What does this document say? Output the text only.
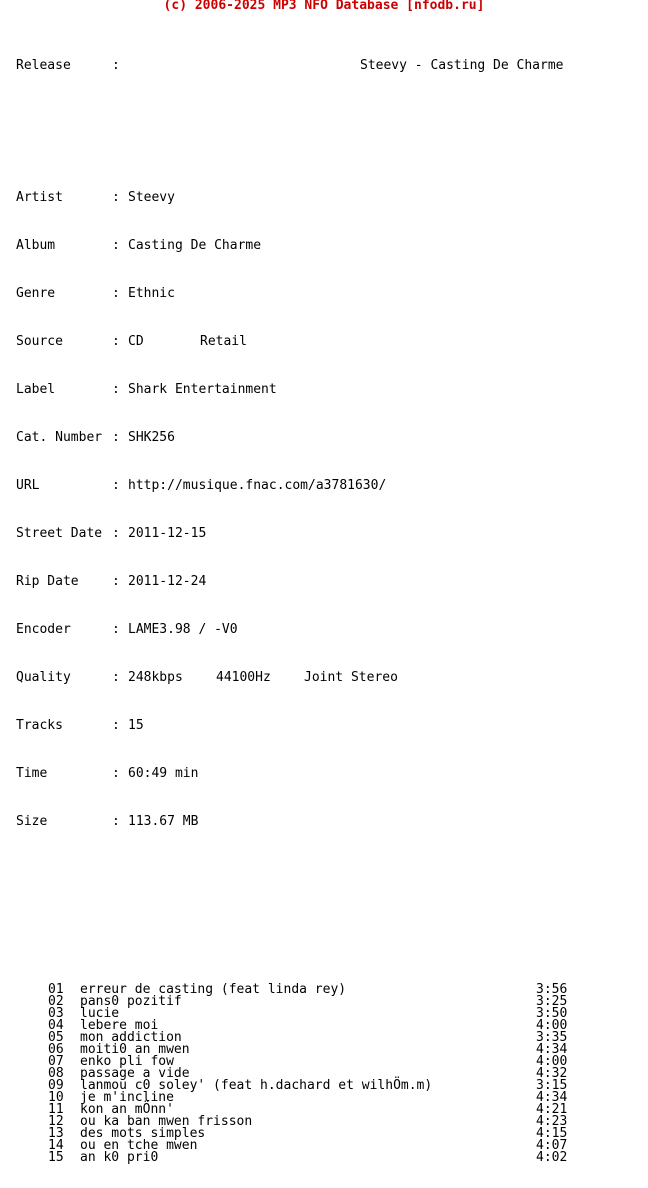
(c) 2006-2025 MP3 NFO Database [nfodb.ru]

Release	:	Steevy - Casting De Charme

Artist	: Steevy

Album	: Casting De Charme

Genre	: Ethnic

Source	: CD	Retail

Label	: Shark Entertainment

Cat. Number : SHK256

URL	: http://musique.fnac.com/a3781630/

Street Date : 2011-12-15

Rip Date	: 2011-12-24

Encoder	: LAME3.98 / -V0

Quality	: 248kbps	44100Hz	Joint Stereo

Tracks	: 15

Time	: 60:49 min

Size	: 113.67 MB

01 erreur de casting (feat linda rey)	3:56
02 pans0 pozitif	3:25
03 lucie	3:50
04 lebere moi	4:00
05 mon addiction	3:35
06 moiti0 an mwen	4:34
07 enko pli fow	4:00
08 passage a vide	4:32
09 lanmou c0 soley' (feat h.dachard et wilhÖm.m)	3:15
10 je m'incline	4:34
11 kon an mÖnn'	4:21
12 ou ka ban mwen frisson	4:23
13 des mots simples	4:15
14 ou en tche mwen	4:07
15 an k0 pri0	4:02
